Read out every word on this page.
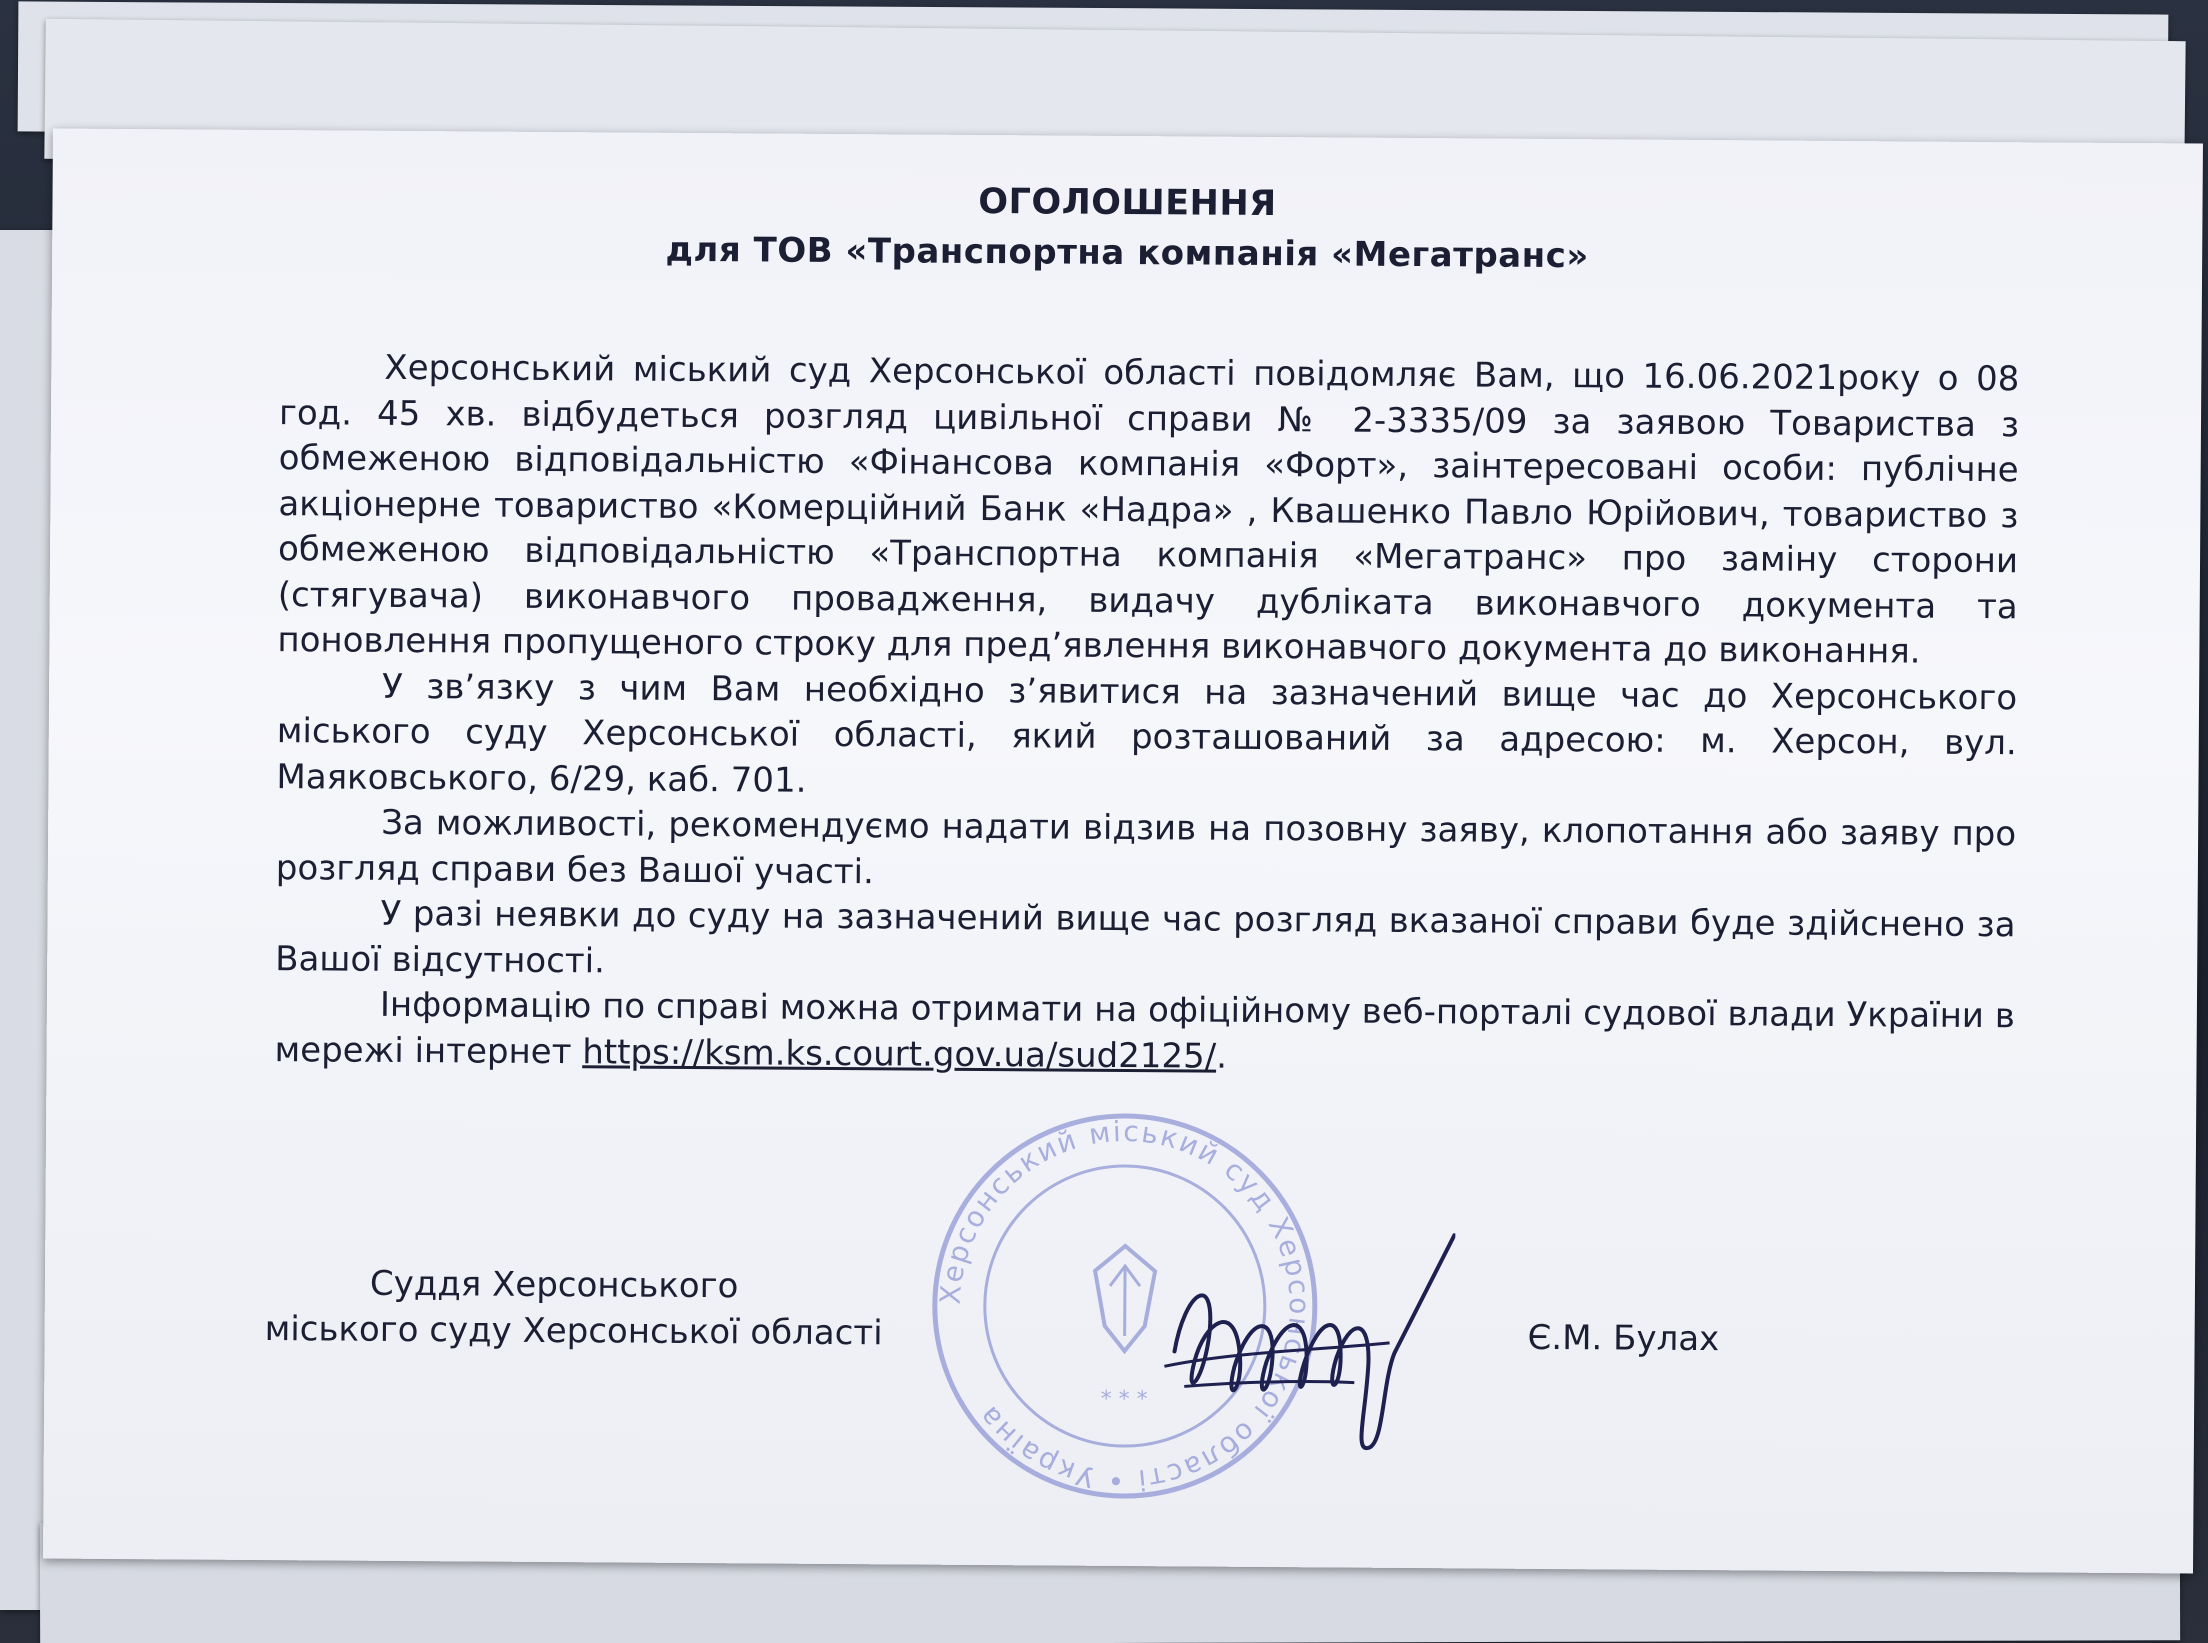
ОГОЛОШЕННЯ
для ТОВ «Транспортна компанія «Мегатранс»

Херсонський міський суд Херсонської області повідомляє Вам, що 16.06.2021року о 08 год. 45 хв. відбудеться розгляд цивільної справи № 2-3335/09 за заявою Товариства з обмеженою відповідальністю «Фінансова компанія «Форт», заінтересовані особи: публічне акціонерне товариство «Комерційний Банк «Надра» , Квашенко Павло Юрійович, товариство з обмеженою відповідальністю «Транспортна компанія «Мегатранс» про заміну сторони (стягувача) виконавчого провадження, видачу дубліката виконавчого документа та поновлення пропущеного строку для пред’явлення виконавчого документа до виконання.

У зв’язку з чим Вам необхідно з’явитися на зазначений вище час до Херсонського міського суду Херсонської області, який розташований за адресою: м. Херсон, вул. Маяковського, 6/29, каб. 701.

За можливості, рекомендуємо надати відзив на позовну заяву, клопотання або заяву про розгляд справи без Вашої участі.

У разі неявки до суду на зазначений вище час розгляд вказаної справи буде здійснено за Вашої відсутності.

Інформацію по справі можна отримати на офіційному веб-порталі судової влади України в мережі інтернет https://ksm.ks.court.gov.ua/sud2125/.

Херсонський міський суд Херсонської області • Україна	* * *
Суддя Херсонського
міського суду Херсонської області	Є.М. Булах
